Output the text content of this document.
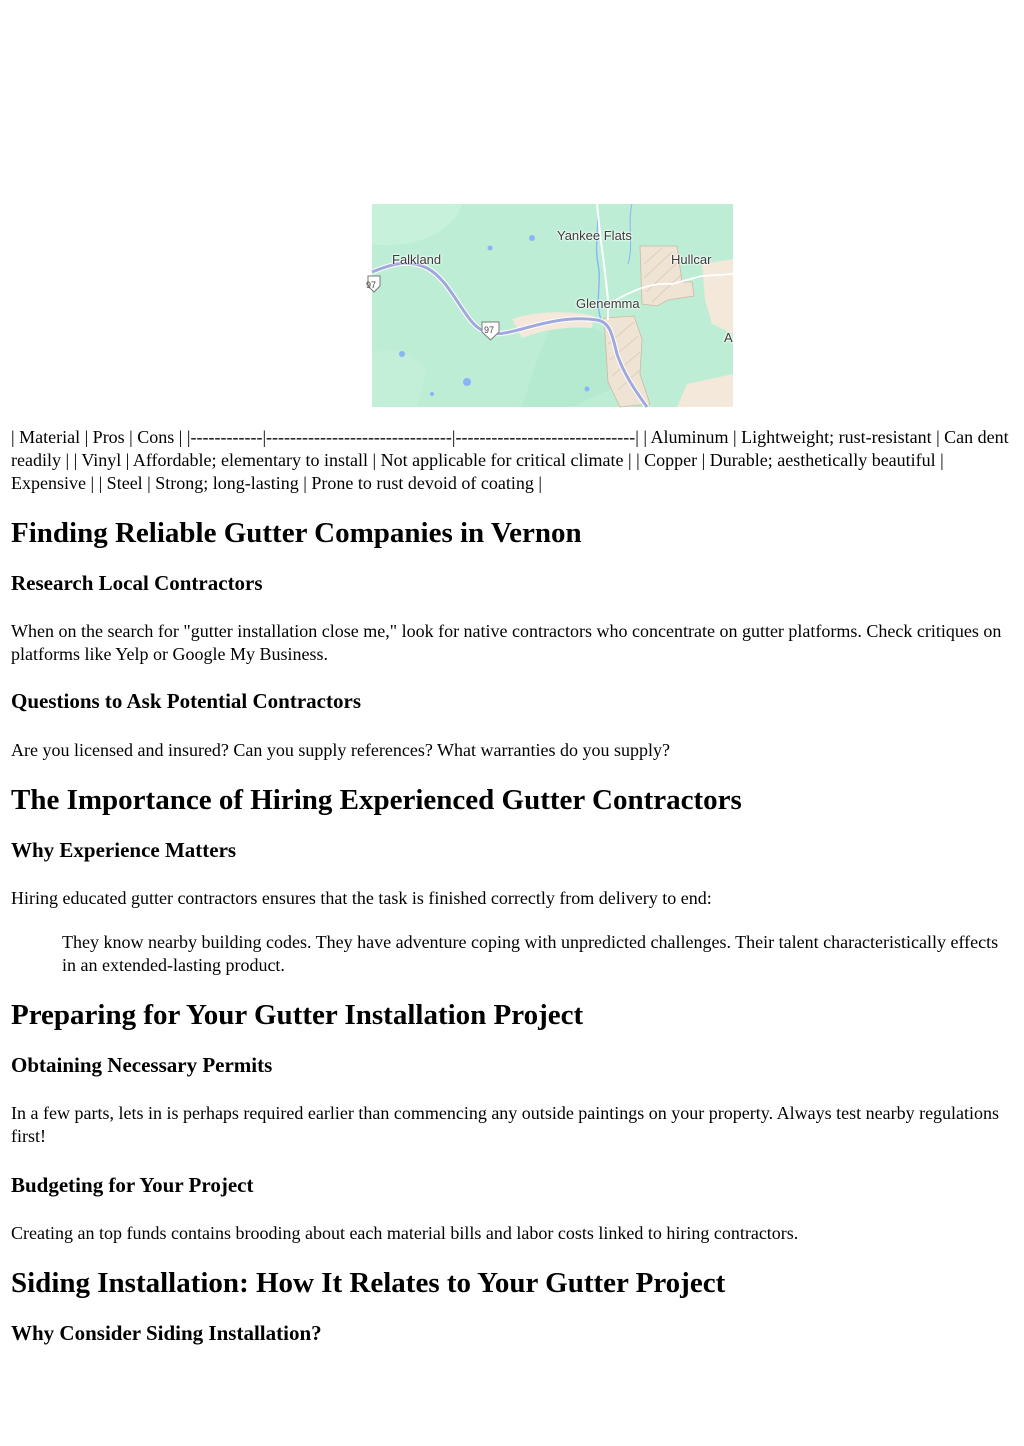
Yankee Flats
Falkland	Hullcar
Glenemma
97
97
A

| Material | Pros | Cons | |------------|-------------------------------|------------------------------| | Aluminum | Lightweight; rust-resistant | Can dent readily | | Vinyl | Affordable; elementary to install | Not applicable for critical climate | | Copper | Durable; aesthetically beautiful | Expensive | | Steel | Strong; long-lasting | Prone to rust devoid of coating |

Finding Reliable Gutter Companies in Vernon
Research Local Contractors

When on the search for "gutter installation close me," look for native contractors who concentrate on gutter platforms. Check critiques on platforms like Yelp or Google My Business.

Questions to Ask Potential Contractors

Are you licensed and insured? Can you supply references? What warranties do you supply?

The Importance of Hiring Experienced Gutter Contractors
Why Experience Matters

Hiring educated gutter contractors ensures that the task is finished correctly from delivery to end:

They know nearby building codes. They have adventure coping with unpredicted challenges. Their talent characteristically effects in an extended-lasting product.
Preparing for Your Gutter Installation Project
Obtaining Necessary Permits

In a few parts, lets in is perhaps required earlier than commencing any outside paintings on your property. Always test nearby regulations first!

Budgeting for Your Project

Creating an top funds contains brooding about each material bills and labor costs linked to hiring contractors.

Siding Installation: How It Relates to Your Gutter Project
Why Consider Siding Installation?
